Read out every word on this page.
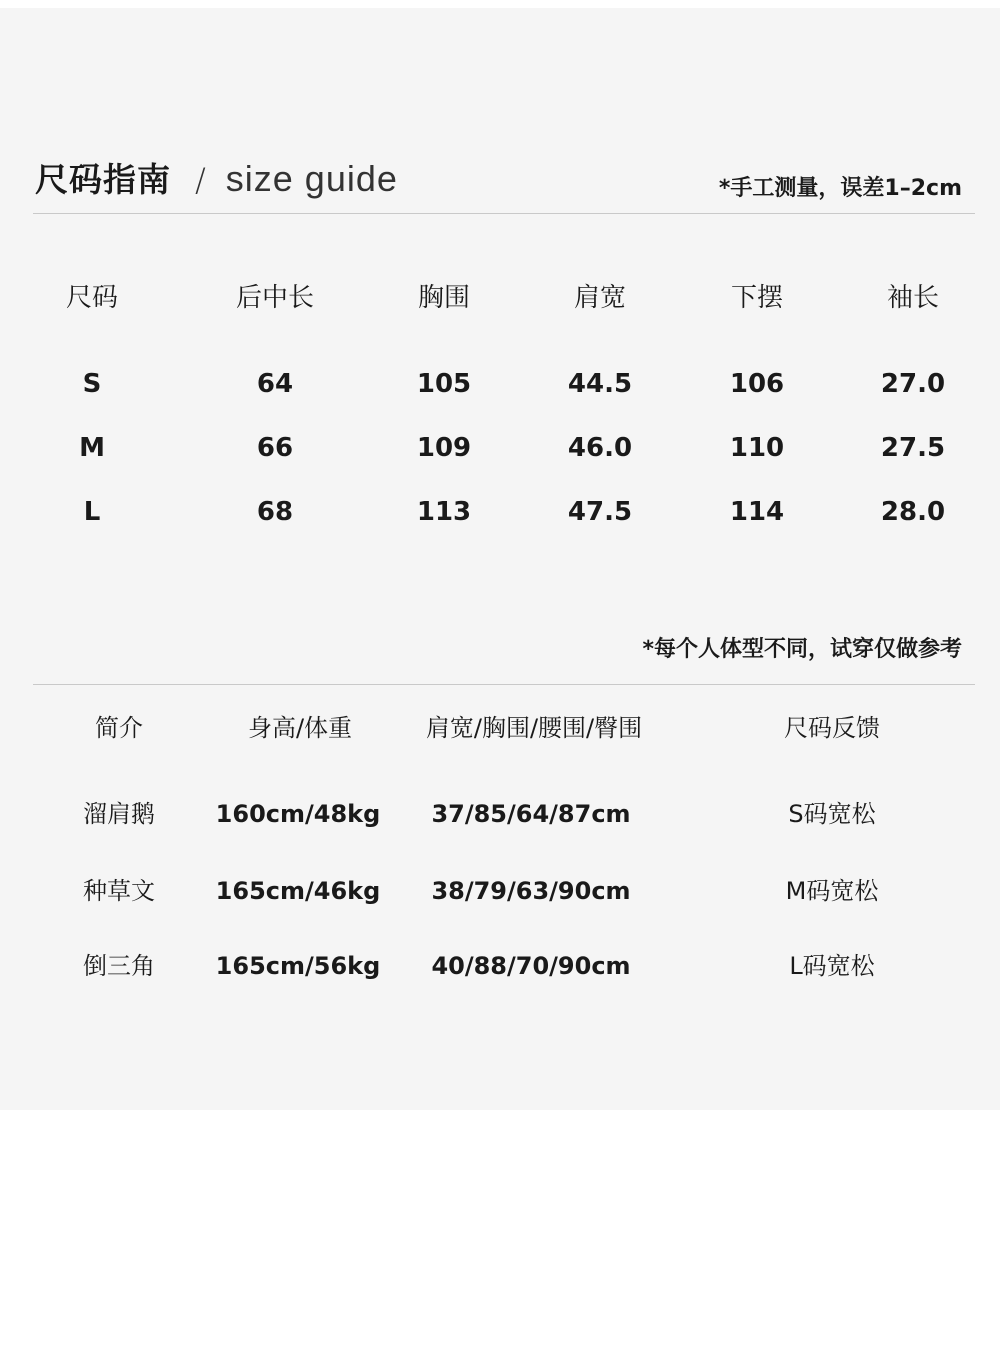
尺码指南 / size guide	*手工测量，误差1–2cm
尺码	后中长	胸围	肩宽	下摆	袖长
S	64	105	44.5	106	27.0
M	66	109	46.0	110	27.5
L	68	113	47.5	114	28.0
*每个人体型不同，试穿仅做参考
简介	身高/体重	肩宽/胸围/腰围/臀围	尺码反馈
溜肩鹅	160cm/48kg	37/85/64/87cm	S码宽松
种草文	165cm/46kg	38/79/63/90cm	M码宽松
倒三角	165cm/56kg	40/88/70/90cm	L码宽松
